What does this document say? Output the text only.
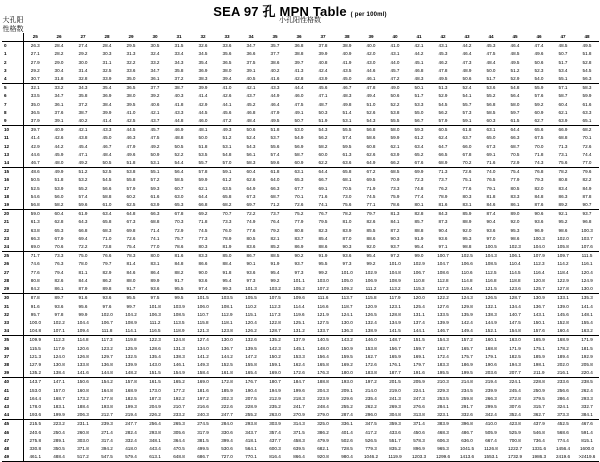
SEA 97 孔 MPN Table ( per 100ml)
小孔阳性格数
大孔阳性格数
	25	26	27	28	29	30	31	32	33	34	35	36	37	38	39	40	41	42	43	44	45	46	47	48
0	26.3	28.4	27.4	28.4	29.5	30.5	31.5	32.6	33.6	34.7	35.7	36.8	37.8	38.9	40.0	41.0	42.1	43.1	44.2	45.3	46.4	47.4	48.5	49.5
1	27.1	28.2	29.2	30.3	31.3	32.4	33.4	34.5	35.6	36.6	37.7	38.8	39.9	40.9	42.0	43.1	44.2	45.3	46.4	47.5	48.5	49.6	50.7	51.8
2	27.9	29.0	30.0	31.1	32.2	33.2	34.3	35.4	36.5	37.5	38.6	39.7	40.8	41.9	43.0	44.0	45.1	46.2	47.3	48.4	49.5	50.6	51.7	52.8
3	29.2	30.4	31.4	32.5	33.6	34.7	35.8	36.9	38.0	39.1	40.2	41.3	42.4	43.5	44.6	45.7	46.8	47.8	48.9	50.0	51.2	52.3	53.4	54.5
4	30.7	31.8	32.8	33.9	35.0	36.1	37.2	38.3	39.4	40.5	41.6	42.8	43.9	45.0	46.1	47.2	48.3	49.5	50.6	51.7	52.9	54.0	55.1	56.3
5	32.1	33.2	34.3	35.4	36.5	37.7	38.7	39.9	41.0	42.1	43.3	44.4	45.6	46.7	47.8	49.0	50.1	51.3	52.4	53.6	54.8	55.9	57.1	58.3
6	33.5	34.7	35.8	36.9	38.0	39.2	40.3	41.4	42.6	43.7	44.9	46.0	47.1	48.3	49.4	50.6	51.7	52.9	54.1	55.2	56.4	57.6	58.7	59.9
7	35.0	36.1	37.2	38.4	39.5	40.6	41.8	42.9	44.1	45.2	46.4	47.5	48.7	49.8	51.0	52.2	53.3	54.5	55.7	56.8	58.0	59.2	60.4	61.6
8	36.5	37.6	38.7	39.9	41.0	42.1	43.3	44.5	45.6	46.8	47.9	49.1	50.3	51.4	52.6	53.8	55.0	56.2	57.3	58.5	59.7	60.9	62.1	63.3
9	37.9	39.1	40.2	41.4	42.5	43.7	44.8	46.0	47.2	48.4	49.5	50.7	51.9	53.1	54.3	55.5	56.7	57.9	59.1	60.3	61.5	62.7	63.9	65.1
10	39.7	40.9	42.1	43.3	44.5	45.7	46.9	48.1	49.3	50.6	51.8	53.0	54.3	55.5	56.8	58.0	59.3	60.5	61.8	63.1	64.4	65.6	66.9	68.2
11	41.4	42.6	43.8	45.0	46.3	47.5	48.8	50.0	51.2	52.4	53.7	54.9	56.2	57.4	58.6	59.9	61.2	62.4	63.7	65.0	66.3	67.5	68.8	70.1
12	42.9	44.2	45.4	46.7	47.9	49.2	50.5	51.8	53.1	54.3	55.6	56.9	58.2	59.5	60.8	62.1	63.4	64.7	66.0	67.3	68.7	70.0	71.3	72.6
13	44.6	45.9	47.1	48.4	49.6	50.9	52.2	53.5	54.8	56.1	57.4	58.7	60.0	61.3	62.6	63.9	65.2	66.5	67.8	69.1	70.5	71.8	73.1	74.4
14	46.7	48.0	49.2	50.5	51.8	53.1	54.4	55.7	57.0	58.3	59.6	60.9	62.2	63.6	64.9	66.2	67.6	68.9	70.2	71.6	72.9	74.3	75.6	77.0
15	48.6	49.9	51.2	52.5	53.8	55.1	56.4	57.8	59.1	60.4	61.8	63.1	64.4	65.8	67.2	68.5	69.9	71.3	72.6	74.0	75.4	76.8	78.2	79.6
16	50.5	51.8	53.2	54.5	55.8	57.2	58.5	59.9	61.2	62.6	64.0	65.3	66.7	68.1	69.5	70.9	72.3	73.7	75.1	76.5	77.9	79.3	80.8	82.2
17	52.5	53.9	55.2	56.6	57.9	59.3	60.7	62.1	63.5	64.9	66.3	67.7	69.1	70.5	71.9	73.3	74.8	76.2	77.6	79.1	80.5	82.0	83.4	84.9
18	54.6	56.0	57.4	58.8	60.2	61.6	63.0	64.4	65.8	67.3	68.7	70.1	71.6	73.0	74.5	75.9	77.4	78.9	80.3	81.8	83.3	84.8	86.3	87.8
19	56.8	58.2	59.6	61.0	62.5	63.9	65.3	66.8	68.2	69.7	71.2	72.6	74.1	75.6	77.1	78.6	80.1	81.6	83.1	84.6	86.1	87.6	89.2	90.7
20	59.0	60.4	61.9	63.4	64.8	66.3	67.8	69.2	70.7	72.2	73.7	75.2	76.7	78.2	79.7	81.3	82.8	84.3	85.9	87.4	89.0	90.6	92.1	93.7
21	61.3	62.8	64.3	65.8	67.3	68.8	70.3	71.8	73.3	74.9	76.4	77.9	79.5	81.0	82.6	84.1	85.7	87.3	88.9	90.4	92.0	93.6	95.2	96.8
22	63.8	65.3	66.8	68.3	69.8	71.4	72.9	74.5	76.0	77.6	79.2	80.8	82.3	83.9	85.5	87.2	88.8	90.4	92.0	93.6	95.3	96.9	98.6	100.3
23	66.3	67.9	69.4	71.0	72.6	74.1	75.7	77.3	78.9	80.5	82.1	83.7	85.4	87.0	88.6	90.3	91.9	93.6	95.3	97.0	98.6	100.3	102.0	103.7
24	69.0	70.6	72.2	73.8	75.4	77.0	78.6	80.3	81.9	83.6	85.2	86.9	88.6	90.3	92.0	93.7	95.4	97.1	98.8	100.5	102.3	104.0	105.8	107.6
25	71.7	73.3	75.0	76.6	78.3	80.0	81.6	83.3	85.0	86.7	88.5	90.2	91.9	93.6	95.4	97.2	99.0	100.7	102.5	104.3	106.1	107.9	109.7	111.5
26	74.6	76.3	78.0	79.7	81.4	83.1	84.8	86.6	88.4	90.1	91.9	93.7	95.5	97.3	99.2	101.0	102.9	104.7	106.6	108.5	110.4	112.3	114.2	116.1
27	77.6	79.4	81.1	82.9	84.6	86.4	88.2	90.0	91.8	93.6	95.4	97.3	99.2	101.0	102.9	104.8	106.7	108.6	110.6	112.5	114.5	116.4	118.4	120.4
28	80.8	82.6	84.4	86.2	88.0	89.9	91.7	93.6	95.4	97.3	99.2	101.1	103.0	105.0	106.9	108.9	110.8	112.8	114.8	116.8	118.8	120.8	122.9	124.9
29	84.2	86.1	87.9	89.8	91.7	93.6	95.5	97.4	99.3	101.3	103.2	105.2	107.2	109.2	111.2	113.2	115.3	117.3	119.4	121.5	123.6	125.7	127.8	130.0
30	87.8	89.7	91.6	93.6	95.5	97.5	99.5	101.5	103.5	105.5	107.5	109.6	111.6	113.7	115.8	117.9	120.0	122.2	124.3	126.5	128.7	130.9	133.1	135.3
31	91.6	93.6	95.6	97.6	99.7	101.8	103.9	106.0	108.1	110.2	112.3	114.4	116.6	118.7	120.9	123.1	125.4	127.6	129.8	132.1	134.4	136.7	139.0	141.4
32	95.7	97.8	99.9	102.0	104.2	106.3	108.5	110.7	112.9	115.1	117.3	119.6	121.9	124.1	126.5	128.8	131.1	133.5	135.9	138.3	140.7	143.1	145.6	148.1
33	100.0	102.2	104.4	106.7	108.9	111.2	113.5	115.8	118.1	120.4	122.8	125.1	127.5	130.0	132.4	134.9	137.4	139.9	142.4	144.9	147.5	150.1	152.8	155.4
34	104.8	107.1	109.4	111.8	114.1	116.5	118.9	121.3	123.8	126.2	128.7	131.2	133.7	136.3	138.9	141.5	144.1	146.7	149.4	152.1	154.8	157.6	160.4	163.2
35	109.9	112.3	114.8	117.3	119.8	122.3	124.8	127.4	130.0	132.6	135.2	137.9	140.5	143.2	146.0	148.7	151.5	154.3	157.2	160.1	163.0	165.9	168.9	171.9
36	115.5	117.9	120.6	123.2	125.9	128.6	131.3	134.0	136.7	139.5	142.3	145.1	148.0	150.9	153.8	156.7	159.7	162.7	165.7	168.8	171.9	175.1	178.2	181.5
37	121.3	124.0	126.8	129.7	132.5	135.4	138.3	141.2	144.2	147.2	150.2	153.3	156.4	159.5	162.7	165.9	169.1	172.4	175.7	179.1	182.5	185.9	189.4	192.9
38	127.9	130.8	133.8	136.8	139.9	143.0	146.1	149.3	152.5	155.8	159.1	162.4	165.8	169.2	172.6	176.1	179.7	183.3	186.9	190.6	194.3	198.1	202.0	205.8
39	135.2	138.4	141.6	144.8	148.2	151.5	154.9	158.4	161.8	165.4	169.0	172.6	176.3	180.0	183.8	187.7	191.6	195.5	199.5	203.6	207.7	211.9	216.1	220.4
40	143.7	147.1	150.6	154.2	157.8	161.5	165.2	169.0	172.8	176.7	180.7	184.7	188.8	193.0	197.2	201.5	205.9	210.3	214.8	219.4	224.1	228.8	233.6	238.5
41	153.0	157.0	160.8	164.8	168.9	173.0	177.2	181.6	185.9	190.4	194.9	199.6	204.3	209.1	214.0	219.0	224.1	229.3	234.5	239.9	245.4	250.9	256.6	262.4
42	164.4	168.7	173.2	177.8	182.5	187.3	192.2	197.2	202.3	207.5	212.9	218.3	223.9	229.6	235.4	241.3	247.3	253.5	259.8	266.3	272.8	279.5	286.4	293.3
43	178.0	183.1	188.4	193.8	199.3	204.9	210.7	216.6	222.6	228.9	235.2	241.7	248.4	255.2	262.2	269.3	276.6	284.1	291.7	299.5	307.6	315.7	324.1	332.7
44	193.6	199.9	206.3	212.7	219.4	226.2	233.2	240.3	247.7	255.2	263.0	270.9	279.0	287.4	296.0	304.8	313.8	323.1	332.6	342.4	352.4	362.7	373.3	384.1
45	215.5	223.2	231.1	239.3	247.7	256.4	265.3	274.5	284.0	293.8	303.9	314.3	325.0	336.1	347.5	359.3	371.4	383.9	396.8	410.0	423.8	437.9	452.5	467.6
46	240.6	250.4	260.8	271.4	282.4	293.8	305.6	317.9	330.6	343.7	357.4	371.5	386.2	401.4	417.2	433.6	450.6	468.3	486.7	505.9	525.9	546.8	568.6	591.4
47	275.8	289.1	303.0	317.4	332.4	348.1	364.4	381.5	399.4	418.1	437.7	458.3	479.9	502.6	526.5	551.7	578.3	606.3	636.0	667.4	700.8	736.4	774.4	815.1
48	330.8	350.5	371.8	394.2	418.0	443.4	470.5	499.5	530.6	564.1	600.3	639.5	682.1	728.5	779.3	835.2	896.9	965.3	1041.5	1126.8	1222.7	1331.6	1456.4	1600.0
49	461.1	488.4	517.2	547.5	579.4	613.1	648.8	686.7	727.0	770.1	816.4	866.4	920.8	980.4	1046.2	1119.9	1203.3	1299.6	1413.6	1553.1	1732.9	1986.3	2419.6	>2419.6
